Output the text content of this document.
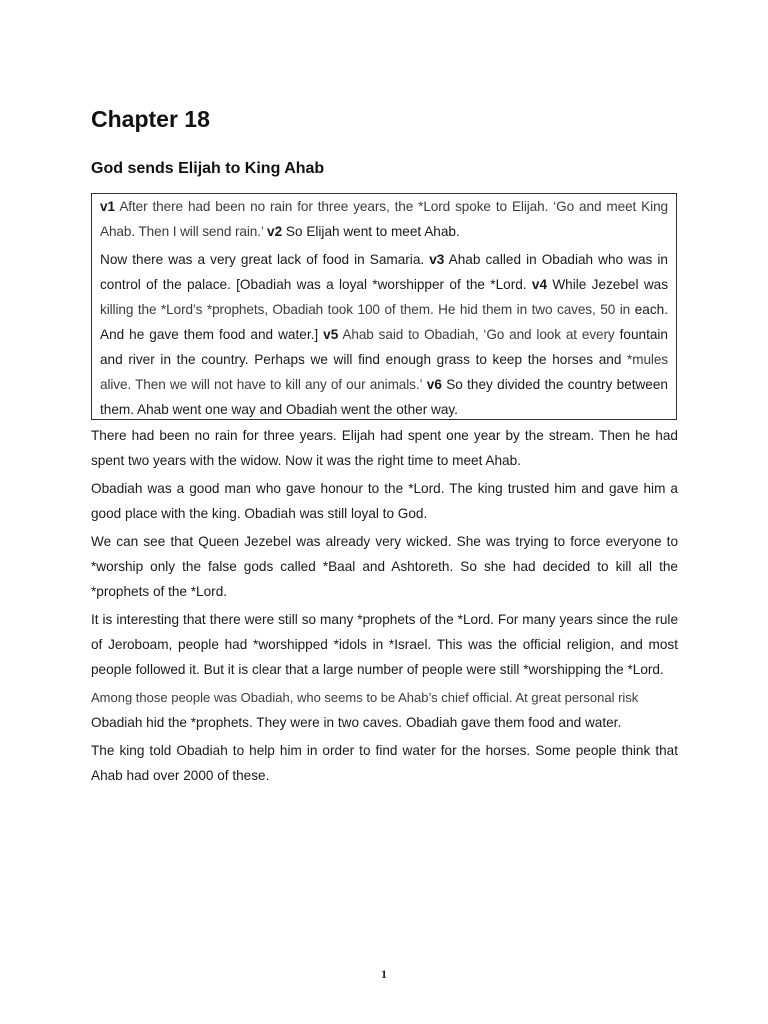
Chapter 18
God sends Elijah to King Ahab

v1 After there had been no rain for three years, the *Lord spoke to Elijah. ‘Go and meet King Ahab. Then I will send rain.’ v2 So Elijah went to meet Ahab.

Now there was a very great lack of food in Samaria. v3 Ahab called in Obadiah who was in control of the palace. [Obadiah was a loyal *worshipper of the *Lord. v4 While Jezebel was killing the *Lord’s *prophets, Obadiah took 100 of them. He hid them in two caves, 50 in each. And he gave them food and water.] v5 Ahab said to Obadiah, ‘Go and look at every fountain and river in the country. Perhaps we will find enough grass to keep the horses and *mules alive. Then we will not have to kill any of our animals.’ v6 So they divided the country between them. Ahab went one way and Obadiah went the other way.

There had been no rain for three years. Elijah had spent one year by the stream. Then he had spent two years with the widow. Now it was the right time to meet Ahab.

Obadiah was a good man who gave honour to the *Lord. The king trusted him and gave him a good place with the king. Obadiah was still loyal to God.

We can see that Queen Jezebel was already very wicked. She was trying to force everyone to *worship only the false gods called *Baal and Ashtoreth. So she had decided to kill all the *prophets of the *Lord.

It is interesting that there were still so many *prophets of the *Lord. For many years since the rule of Jeroboam, people had *worshipped *idols in *Israel. This was the official religion, and most people followed it. But it is clear that a large number of people were still *worshipping the *Lord.

Among those people was Obadiah, who seems to be Ahab’s chief official. At great personal risk

Obadiah hid the *prophets. They were in two caves. Obadiah gave them food and water.

The king told Obadiah to help him in order to find water for the horses. Some people think that Ahab had over 2000 of these.

1
